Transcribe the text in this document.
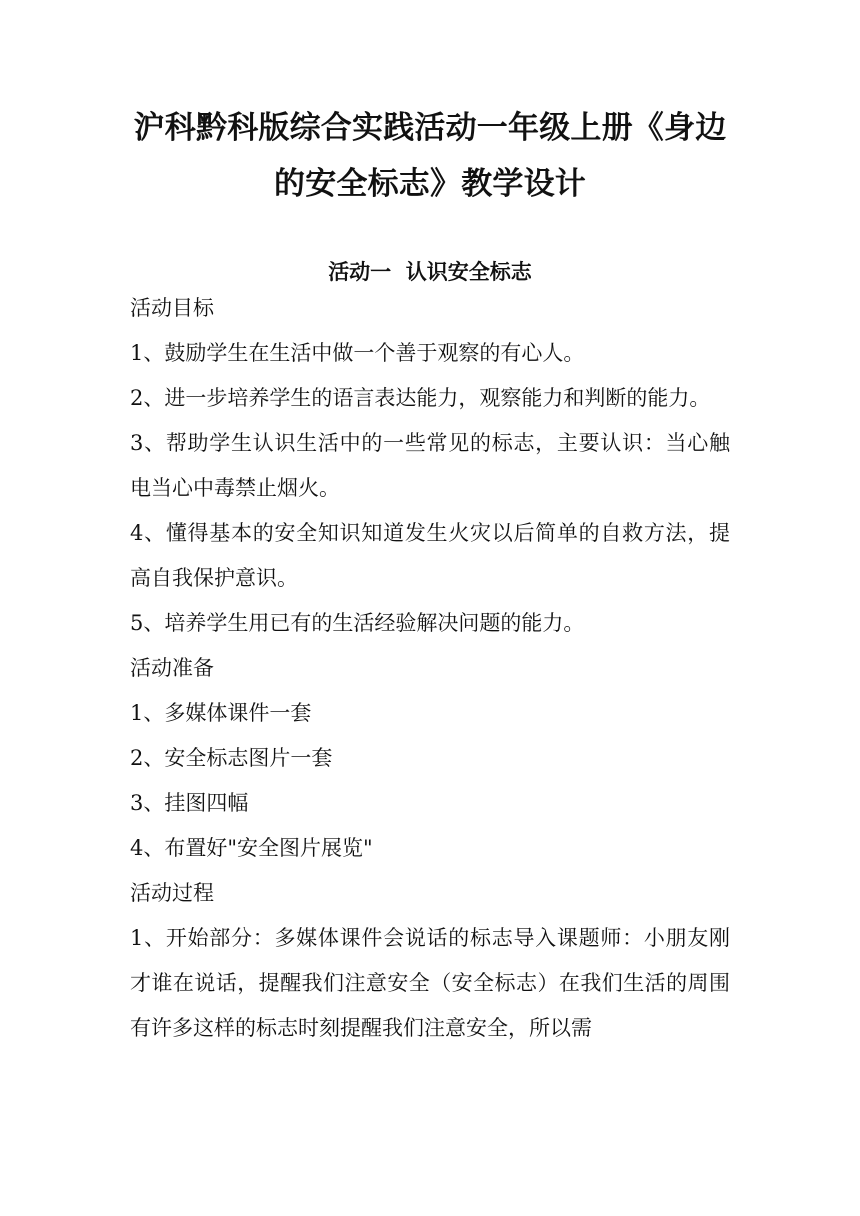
沪科黔科版综合实践活动一年级上册《身边的安全标志》教学设计
活动一  认识安全标志

活动目标

1、鼓励学生在生活中做一个善于观察的有心人。
2、进一步培养学生的语言表达能力，观察能力和判断的能力。
3、帮助学生认识生活中的一些常见的标志，主要认识：当心触电当心中毒禁止烟火。
4、懂得基本的安全知识知道发生火灾以后简单的自救方法，提高自我保护意识。
5、培养学生用已有的生活经验解决问题的能力。

活动准备

1、多媒体课件一套
2、安全标志图片一套
3、挂图四幅
4、布置好"安全图片展览"

活动过程

1、开始部分：多媒体课件会说话的标志导入课题师：小朋友刚才谁在说话，提醒我们注意安全（安全标志）在我们生活的周围有许多这样的标志时刻提醒我们注意安全，所以需
